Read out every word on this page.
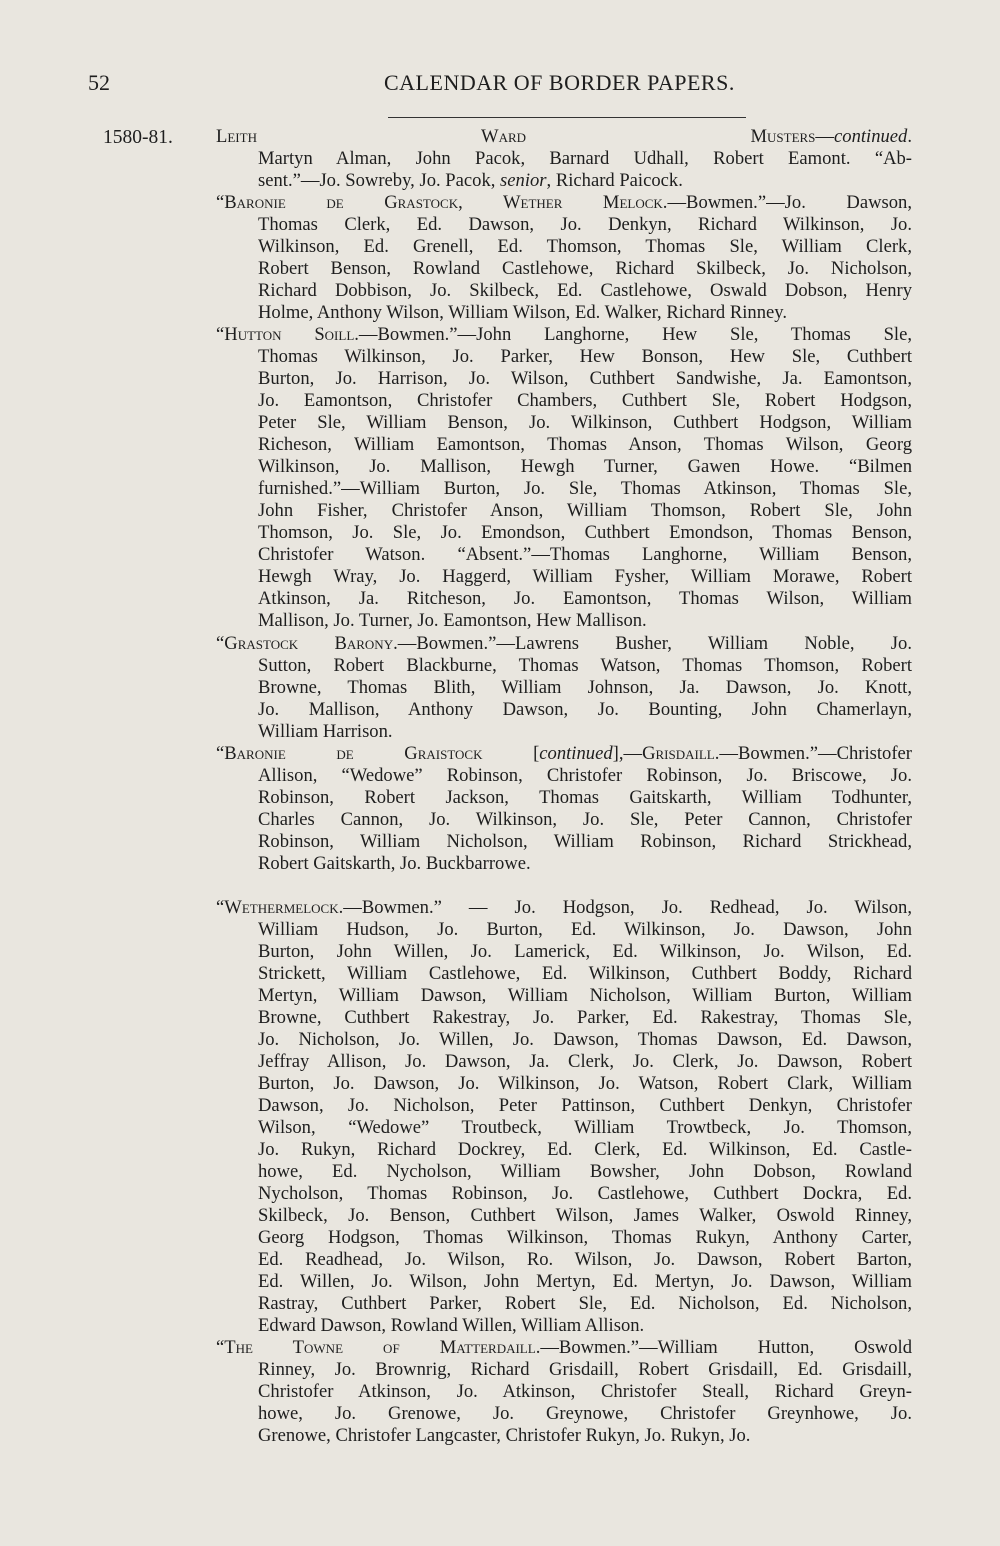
52	CALENDAR OF BORDER PAPERS.
1580-81. Leith Ward Musters—continued.
Martyn Alman, John Pacok, Barnard Udhall, Robert Eamont. “Ab-
sent.”—Jo. Sowreby, Jo. Pacok, senior, Richard Paicock.
“Baronie de Grastock, Wether Melock.—Bowmen.”—Jo. Dawson,
Thomas Clerk, Ed. Dawson, Jo. Denkyn, Richard Wilkinson, Jo.
Wilkinson, Ed. Grenell, Ed. Thomson, Thomas Sle, William Clerk,
Robert Benson, Rowland Castlehowe, Richard Skilbeck, Jo. Nicholson,
Richard Dobbison, Jo. Skilbeck, Ed. Castlehowe, Oswald Dobson, Henry
Holme, Anthony Wilson, William Wilson, Ed. Walker, Richard Rinney.
“Hutton Soill.—Bowmen.”—John Langhorne, Hew Sle, Thomas Sle,
Thomas Wilkinson, Jo. Parker, Hew Bonson, Hew Sle, Cuthbert
Burton, Jo. Harrison, Jo. Wilson, Cuthbert Sandwishe, Ja. Eamontson,
Jo. Eamontson, Christofer Chambers, Cuthbert Sle, Robert Hodgson,
Peter Sle, William Benson, Jo. Wilkinson, Cuthbert Hodgson, William
Richeson, William Eamontson, Thomas Anson, Thomas Wilson, Georg
Wilkinson, Jo. Mallison, Hewgh Turner, Gawen Howe. “Bilmen
furnished.”—William Burton, Jo. Sle, Thomas Atkinson, Thomas Sle,
John Fisher, Christofer Anson, William Thomson, Robert Sle, John
Thomson, Jo. Sle, Jo. Emondson, Cuthbert Emondson, Thomas Benson,
Christofer Watson. “Absent.”—Thomas Langhorne, William Benson,
Hewgh Wray, Jo. Haggerd, William Fysher, William Morawe, Robert
Atkinson, Ja. Ritcheson, Jo. Eamontson, Thomas Wilson, William
Mallison, Jo. Turner, Jo. Eamontson, Hew Mallison.
“Grastock Barony.—Bowmen.”—Lawrens Busher, William Noble, Jo.
Sutton, Robert Blackburne, Thomas Watson, Thomas Thomson, Robert
Browne, Thomas Blith, William Johnson, Ja. Dawson, Jo. Knott,
Jo. Mallison, Anthony Dawson, Jo. Bounting, John Chamerlayn,
William Harrison.
“Baronie de Graistock [continued],—Grisdaill.—Bowmen.”—Christofer
Allison, “Wedowe” Robinson, Christofer Robinson, Jo. Briscowe, Jo.
Robinson, Robert Jackson, Thomas Gaitskarth, William Todhunter,
Charles Cannon, Jo. Wilkinson, Jo. Sle, Peter Cannon, Christofer
Robinson, William Nicholson, William Robinson, Richard Strickhead,
Robert Gaitskarth, Jo. Buckbarrowe.
“Wethermelock.—Bowmen.” — Jo. Hodgson, Jo. Redhead, Jo. Wilson,
William Hudson, Jo. Burton, Ed. Wilkinson, Jo. Dawson, John
Burton, John Willen, Jo. Lamerick, Ed. Wilkinson, Jo. Wilson, Ed.
Strickett, William Castlehowe, Ed. Wilkinson, Cuthbert Boddy, Richard
Mertyn, William Dawson, William Nicholson, William Burton, William
Browne, Cuthbert Rakestray, Jo. Parker, Ed. Rakestray, Thomas Sle,
Jo. Nicholson, Jo. Willen, Jo. Dawson, Thomas Dawson, Ed. Dawson,
Jeffray Allison, Jo. Dawson, Ja. Clerk, Jo. Clerk, Jo. Dawson, Robert
Burton, Jo. Dawson, Jo. Wilkinson, Jo. Watson, Robert Clark, William
Dawson, Jo. Nicholson, Peter Pattinson, Cuthbert Denkyn, Christofer
Wilson, “Wedowe” Troutbeck, William Trowtbeck, Jo. Thomson,
Jo. Rukyn, Richard Dockrey, Ed. Clerk, Ed. Wilkinson, Ed. Castle-
howe, Ed. Nycholson, William Bowsher, John Dobson, Rowland
Nycholson, Thomas Robinson, Jo. Castlehowe, Cuthbert Dockra, Ed.
Skilbeck, Jo. Benson, Cuthbert Wilson, James Walker, Oswold Rinney,
Georg Hodgson, Thomas Wilkinson, Thomas Rukyn, Anthony Carter,
Ed. Readhead, Jo. Wilson, Ro. Wilson, Jo. Dawson, Robert Barton,
Ed. Willen, Jo. Wilson, John Mertyn, Ed. Mertyn, Jo. Dawson, William
Rastray, Cuthbert Parker, Robert Sle, Ed. Nicholson, Ed. Nicholson,
Edward Dawson, Rowland Willen, William Allison.
“The Towne of Matterdaill.—Bowmen.”—William Hutton, Oswold
Rinney, Jo. Brownrig, Richard Grisdaill, Robert Grisdaill, Ed. Grisdaill,
Christofer Atkinson, Jo. Atkinson, Christofer Steall, Richard Greyn-
howe, Jo. Grenowe, Jo. Greynowe, Christofer Greynhowe, Jo.
Grenowe, Christofer Langcaster, Christofer Rukyn, Jo. Rukyn, Jo.
